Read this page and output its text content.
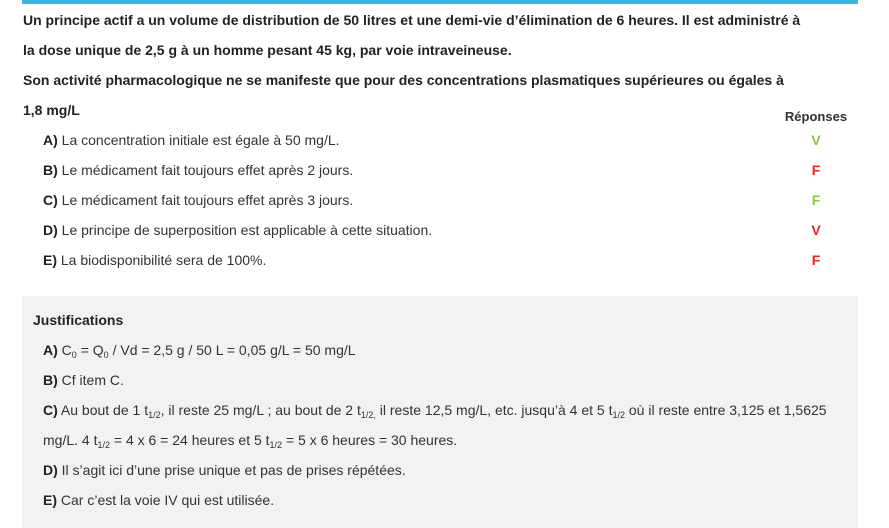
Un principe actif a un volume de distribution de 50 litres et une demi-vie d’élimination de 6 heures. Il est administré à
la dose unique de 2,5 g à un homme pesant 45 kg, par voie intraveineuse.
Son activité pharmacologique ne se manifeste que pour des concentrations plasmatiques supérieures ou égales à
1,8 mg/L	Réponses
A) La concentration initiale est égale à 50 mg/L.	V
B) Le médicament fait toujours effet après 2 jours.	F
C) Le médicament fait toujours effet après 3 jours.	F
D) Le principe de superposition est applicable à cette situation.	V
E) La biodisponibilité sera de 100%.	F
Justifications
A) $C_0 = Q_0 / Vd = 2,5$ g / 50 L = 0,05 g/L = 50 mg/L
B) Cf item C.
C) Au bout de 1 $t_{1/2}$, il reste 25 mg/L ; au bout de 2 $t_{1/2,}$ il reste 12,5 mg/L, etc. jusqu’à 4 et 5 $t_{1/2}$ où il reste entre 3,125 et 1,5625
mg/L. 4 $t_{1/2} = 4$ x 6 = 24 heures et 5 $t_{1/2} = 5$ x 6 heures = 30 heures.
D) Il s’agit ici d’une prise unique et pas de prises répétées.
E) Car c’est la voie IV qui est utilisée.
